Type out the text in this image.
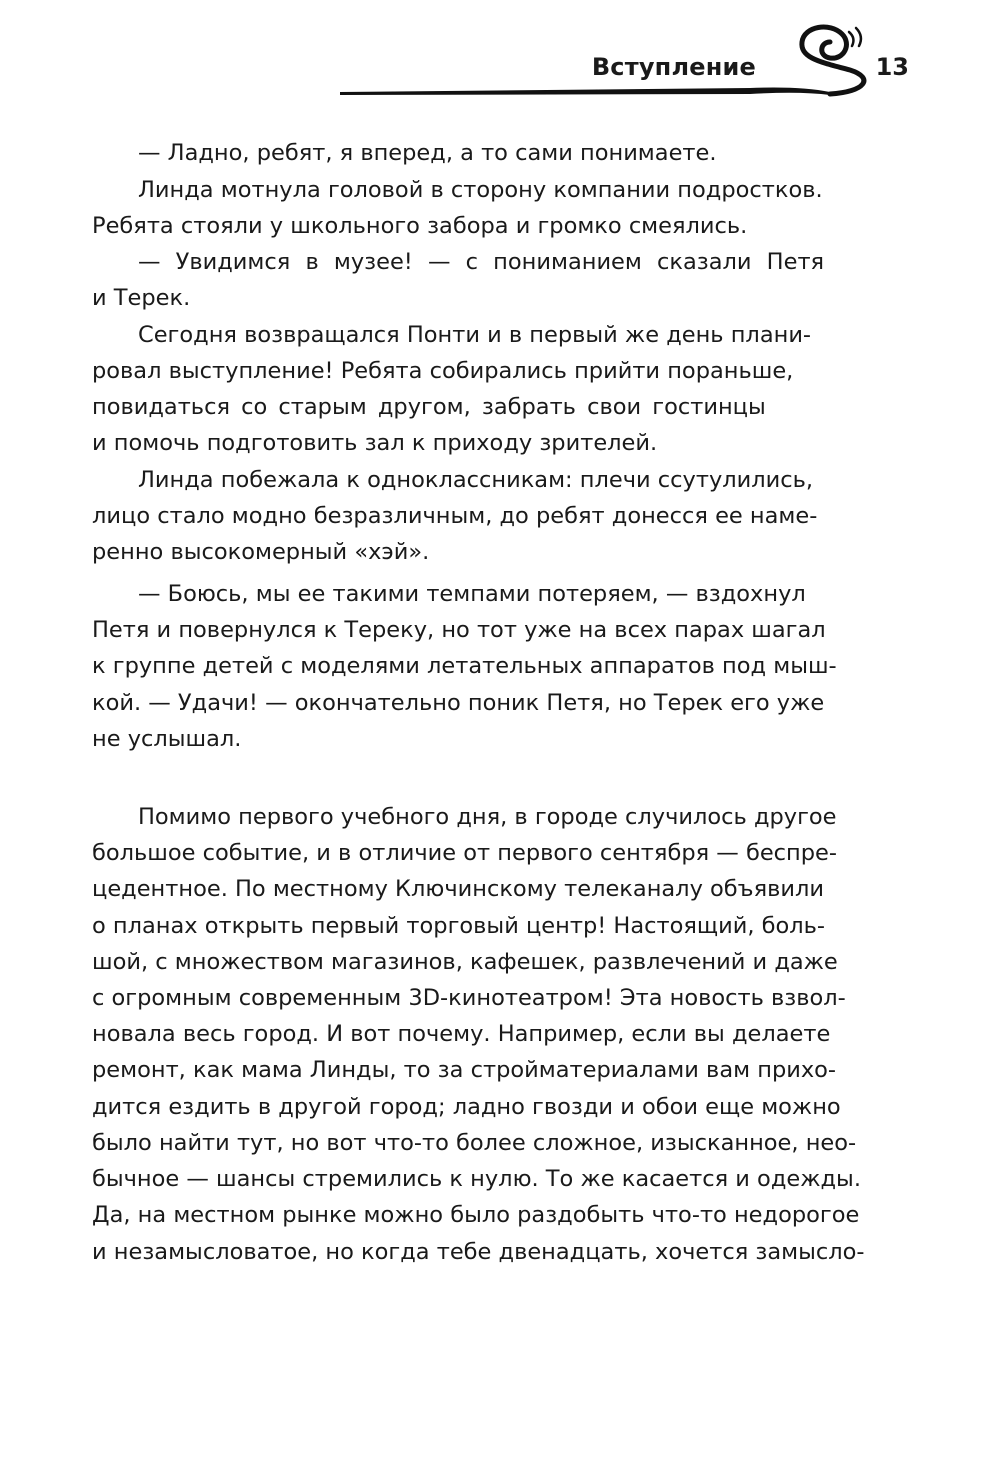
Вступление	13
— Ладно, ребят, я вперед, а то сами понимаете.
Линда мотнула головой в сторону компании подростков.
Ребята стояли у школьного забора и громко смеялись.
— Увидимся в музее! — с пониманием сказали Петя
и Терек.
Сегодня возвращался Понти и в первый же день плани-
ровал выступление! Ребята собирались прийти пораньше,
повидаться со старым другом, забрать свои гостинцы
и помочь подготовить зал к приходу зрителей.
Линда побежала к одноклассникам: плечи ссутулились,
лицо стало модно безразличным, до ребят донесся ее наме-
ренно высокомерный «хэй».
— Боюсь, мы ее такими темпами потеряем, — вздохнул
Петя и повернулся к Тереку, но тот уже на всех парах шагал
к группе детей с моделями летательных аппаратов под мыш-
кой. — Удачи! — окончательно поник Петя, но Терек его уже
не услышал.
Помимо первого учебного дня, в городе случилось другое
большое событие, и в отличие от первого сентября — беспре-
цедентное. По местному Ключинскому телеканалу объявили
о планах открыть первый торговый центр! Настоящий, боль-
шой, с множеством магазинов, кафешек, развлечений и даже
с огромным современным 3D-кинотеатром! Эта новость взвол-
новала весь город. И вот почему. Например, если вы делаете
ремонт, как мама Линды, то за стройматериалами вам прихо-
дится ездить в другой город; ладно гвозди и обои еще можно
было найти тут, но вот что-то более сложное, изысканное, нео-
бычное — шансы стремились к нулю. То же касается и одежды.
Да, на местном рынке можно было раздобыть что-то недорогое
и незамысловатое, но когда тебе двенадцать, хочется замысло-
